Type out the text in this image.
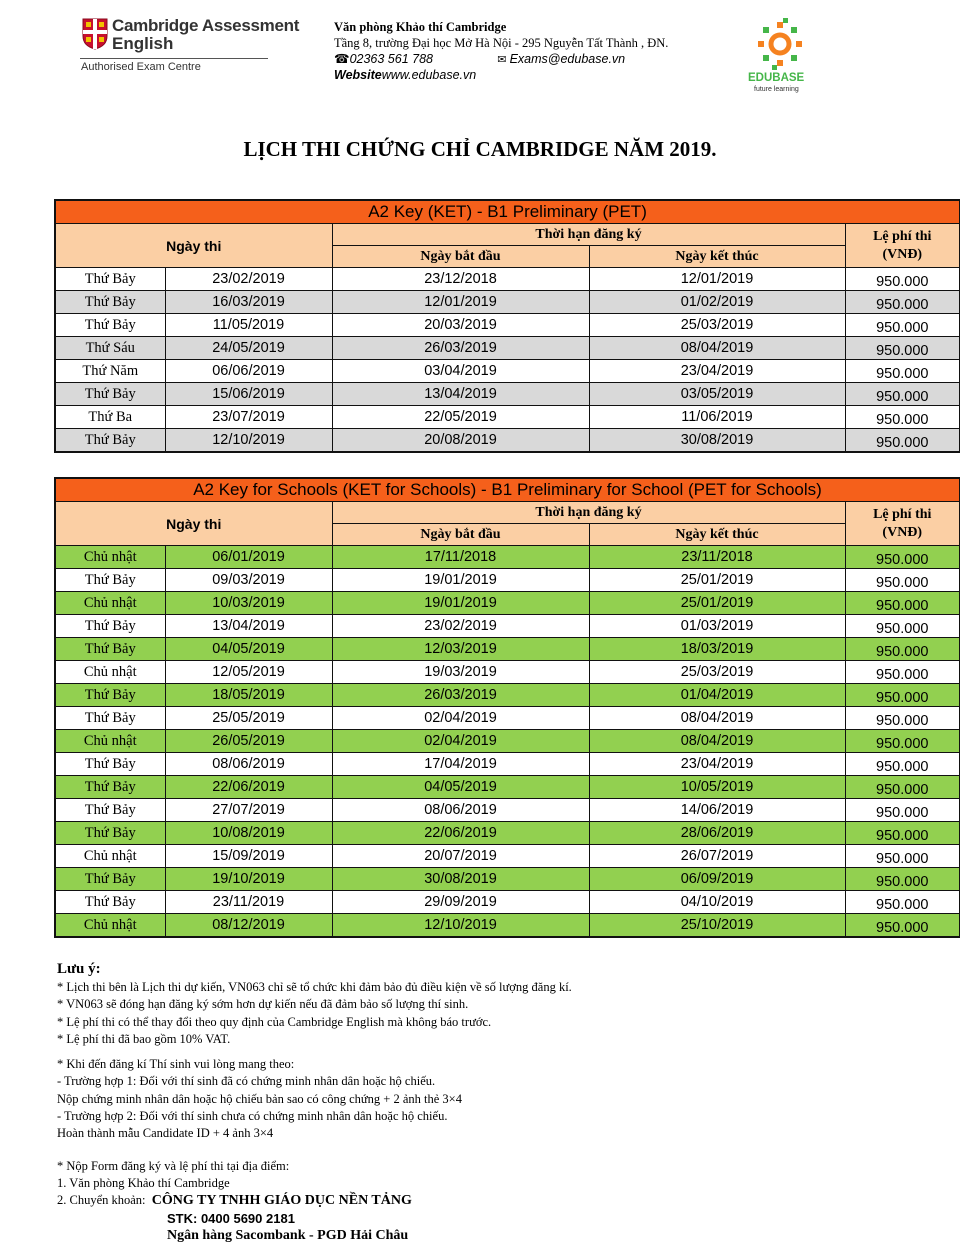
Cambridge Assessment
English
Authorised Exam Centre
Văn phòng Khảo thí Cambridge
Tầng 8, trường Đại học Mở Hà Nội - 295 Nguyễn Tất Thành , ĐN.
☎02363 561 788	✉ Exams@edubase.vn
Websitewww.edubase.vn	EDUBASE
future learning
LỊCH THI CHỨNG CHỈ CAMBRIDGE NĂM 2019.
A2 Key (KET) - B1 Preliminary (PET)				
Ngày thi		Thời hạn đăng ký		Lệ phí thi
(VNĐ)
		Ngày bắt đầu	Ngày kết thúc	
Thứ Bảy	23/02/2019	23/12/2018	12/01/2019	950.000
Thứ Bảy	16/03/2019	12/01/2019	01/02/2019	950.000
Thứ Bảy	11/05/2019	20/03/2019	25/03/2019	950.000
Thứ Sáu	24/05/2019	26/03/2019	08/04/2019	950.000
Thứ Năm	06/06/2019	03/04/2019	23/04/2019	950.000
Thứ Bảy	15/06/2019	13/04/2019	03/05/2019	950.000
Thứ Ba	23/07/2019	22/05/2019	11/06/2019	950.000
Thứ Bảy	12/10/2019	20/08/2019	30/08/2019	950.000
A2 Key for Schools (KET for Schools) - B1 Preliminary for School (PET for Schools)				
Ngày thi		Thời hạn đăng ký		Lệ phí thi
(VNĐ)
		Ngày bắt đầu	Ngày kết thúc	
Chủ nhật	06/01/2019	17/11/2018	23/11/2018	950.000
Thứ Bảy	09/03/2019	19/01/2019	25/01/2019	950.000
Chủ nhật	10/03/2019	19/01/2019	25/01/2019	950.000
Thứ Bảy	13/04/2019	23/02/2019	01/03/2019	950.000
Thứ Bảy	04/05/2019	12/03/2019	18/03/2019	950.000
Chủ nhật	12/05/2019	19/03/2019	25/03/2019	950.000
Thứ Bảy	18/05/2019	26/03/2019	01/04/2019	950.000
Thứ Bảy	25/05/2019	02/04/2019	08/04/2019	950.000
Chủ nhật	26/05/2019	02/04/2019	08/04/2019	950.000
Thứ Bảy	08/06/2019	17/04/2019	23/04/2019	950.000
Thứ Bảy	22/06/2019	04/05/2019	10/05/2019	950.000
Thứ Bảy	27/07/2019	08/06/2019	14/06/2019	950.000
Thứ Bảy	10/08/2019	22/06/2019	28/06/2019	950.000
Chủ nhật	15/09/2019	20/07/2019	26/07/2019	950.000
Thứ Bảy	19/10/2019	30/08/2019	06/09/2019	950.000
Thứ Bảy	23/11/2019	29/09/2019	04/10/2019	950.000
Chủ nhật	08/12/2019	12/10/2019	25/10/2019	950.000
Lưu ý:
* Lịch thi bên là Lịch thi dự kiến, VN063 chỉ sẽ tổ chức khi đảm bảo đủ điều kiện về số lượng đăng kí.
* VN063 sẽ đóng hạn đăng ký sớm hơn dự kiến nếu đã đảm bảo số lượng thí sinh.
* Lệ phí thi có thể thay đổi theo quy định của Cambridge English mà không báo trước.
* Lệ phí thi đã bao gồm 10% VAT.
* Khi đến đăng kí Thí sinh vui lòng mang theo:
- Trường hợp 1: Đối với thí sinh đã có chứng minh nhân dân hoặc hộ chiếu.
Nộp chứng minh nhân dân hoặc hộ chiếu bản sao có công chứng + 2 ảnh thẻ 3×4
- Trường hợp 2: Đối với thí sinh chưa có chứng minh nhân dân hoặc hộ chiếu.
Hoàn thành mẫu Candidate ID + 4 ảnh 3×4
* Nộp Form đăng ký và lệ phí thi tại địa điểm:
1. Văn phòng Khảo thí Cambridge
2. Chuyển khoản: CÔNG TY TNHH GIÁO DỤC NỀN TẢNG
STK: 0400 5690 2181
Ngân hàng Sacombank - PGD Hải Châu
